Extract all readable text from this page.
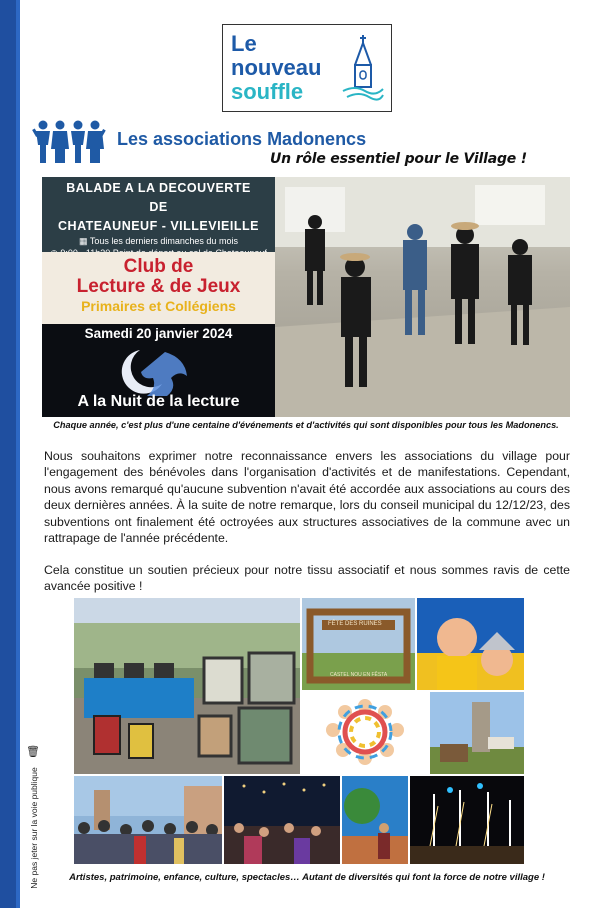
🗑
Ne pas jeter sur la voie publique
Le
nouveau
souffle
Les associations Madonencs
Un rôle essentiel pour le Village !
BALADE A LA DECOUVERTE
DE
CHATEAUNEUF - VILLEVIEILLE
▦ Tous les derniers dimanches du mois
Club de
Lecture & de Jeux
Primaires et Collégiens
Samedi 20 janvier 2024
A la Nuit de la lecture
Chaque année, c'est plus d'une centaine d'événements et d'activités qui sont disponibles pour tous les Madonencs.
Nous souhaitons exprimer notre reconnaissance envers les associations du village pour l'engagement des bénévoles dans l'organisation d'activités et de manifestations. Cependant, nous avons remarqué qu'aucune subvention n'avait été accordée aux associations au cours des deux dernières années. À la suite de notre remarque, lors du conseil municipal du 12/12/23, des subventions ont finalement été octroyées aux structures associatives de la commune avec un rattrapage de l'année précédente.
Cela constitue un soutien précieux pour notre tissu associatif et nous sommes ravis de cette avancée positive !
FÊTE DES RUINES
CASTEL NOU EN FÊSTA
Artistes, patrimoine, enfance, culture, spectacles… Autant de diversités qui font la force de notre village !
